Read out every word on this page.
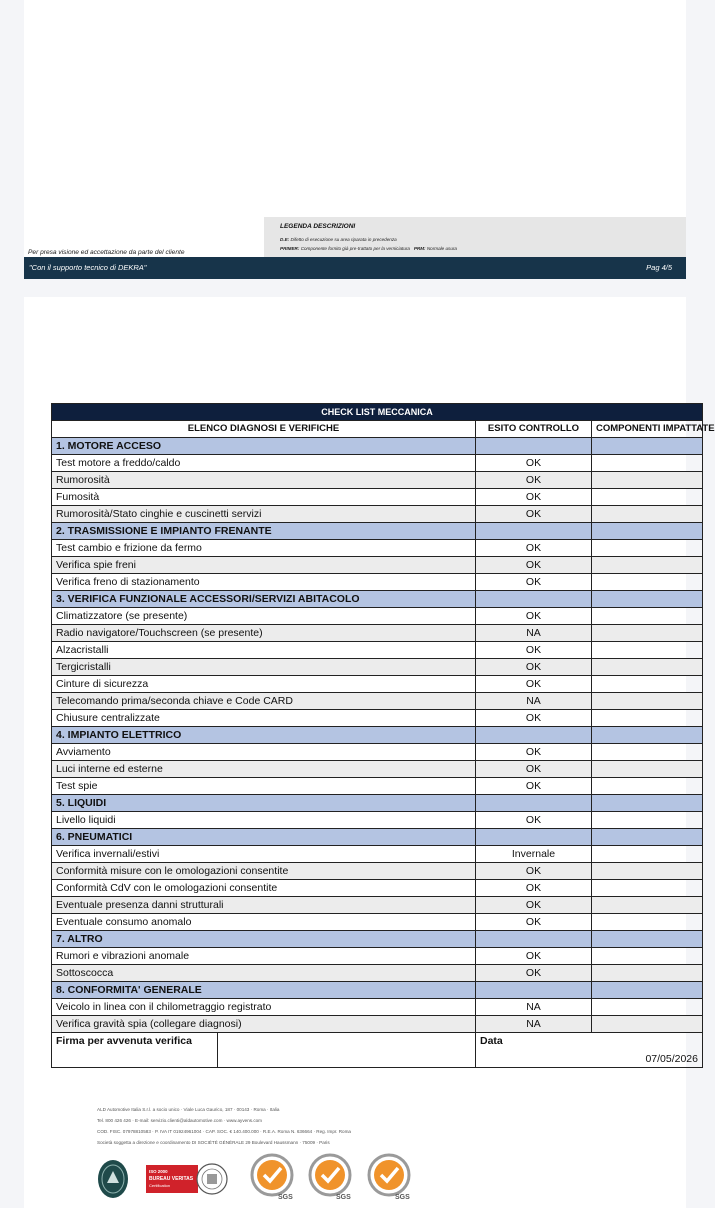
LEGENDA DESCRIZIONI
D.E: Difetto di esecuzione su area riparata in precedenza
PRIMER: Componente fornito già pre-trattato per la verniciatura PRM: Normale usura
Per presa visione ed accettazione da parte del cliente
"Con il supporto tecnico di DEKRA"	Pag 4/5
CHECK LIST MECCANICA				
ELENCO DIAGNOSI E VERIFICHE		ESITO CONTROLLO	COMPONENTI IMPATTATE	
1. MOTORE ACCESO				
Test motore a freddo/caldo		OK		
Rumorosità		OK		
Fumosità		OK		
Rumorosità/Stato cinghie e cuscinetti servizi		OK		
2. TRASMISSIONE E IMPIANTO FRENANTE				
Test cambio e frizione da fermo		OK		
Verifica spie freni		OK		
Verifica freno di stazionamento		OK		
3. VERIFICA FUNZIONALE ACCESSORI/SERVIZI ABITACOLO				
Climatizzatore (se presente)		OK		
Radio navigatore/Touchscreen (se presente)		NA		
Alzacristalli		OK		
Tergicristalli		OK		
Cinture di sicurezza		OK		
Telecomando prima/seconda chiave e Code CARD		NA		
Chiusure centralizzate		OK		
4. IMPIANTO ELETTRICO				
Avviamento		OK		
Luci interne ed esterne		OK		
Test spie		OK		
5. LIQUIDI				
Livello liquidi		OK		
6. PNEUMATICI				
Verifica invernali/estivi		Invernale		
Conformità misure con le omologazioni consentite		OK		
Conformità CdV con le omologazioni consentite		OK		
Eventuale presenza danni strutturali		OK		
Eventuale consumo anomalo		OK		
7. ALTRO				
Rumori e vibrazioni anomale		OK		
Sottoscocca		OK		
8. CONFORMITA' GENERALE				
Veicolo in linea con il chilometraggio registrato		NA		
Verifica gravità spia (collegare diagnosi)		NA		
Firma per avvenuta verifica		Data
07/05/2026		
ALD Automotive Italia S.r.l. a socio unico · Viale Luca Gaurico, 187 · 00143 · Roma · Italia
Tel. 800 426 426 · E-mail: servizio.clienti@aldautomotive.com · www.ayvens.com
COD. FISC. 07978810583 · P. IVA IT 01924961004 · CAP. SOC. € 140.400.000 · R.E.A. Roma N. 636664 · Reg. Impr. Roma
Società soggetta a direzione e coordinamento DI SOCIÉTÉ GÉNÉRALE 29 Boulevard Haussmann · 75009 · Paris
ISO 2000
BUREAU VERITAS
Certification
SGS	SGS	SGS
